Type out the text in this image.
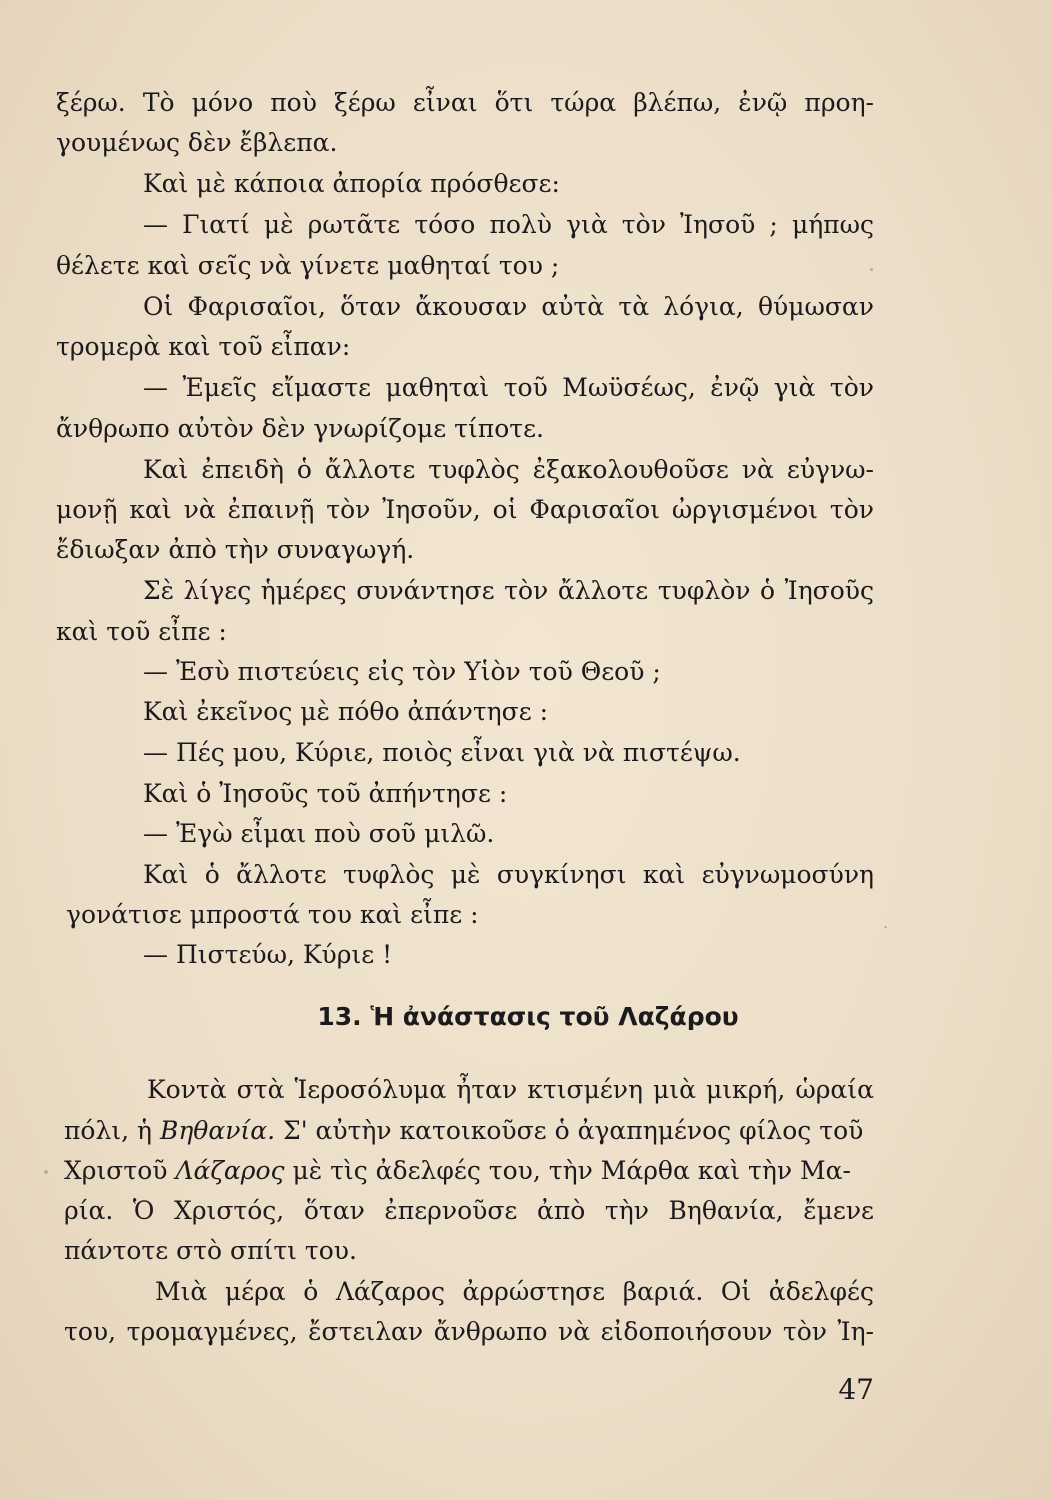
ξέρω. Τὸ μόνο ποὺ ξέρω εἶναι ὅτι τώρα βλέπω, ἐνῷ προη-
γουμένως δὲν ἔβλεπα.
Καὶ μὲ κάποια ἀπορία πρόσθεσε:
— Γιατί μὲ ρωτᾶτε τόσο πολὺ γιὰ τὸν Ἰησοῦ ; μήπως
θέλετε καὶ σεῖς νὰ γίνετε μαθηταί του ;
Οἱ Φαρισαῖοι, ὅταν ἄκουσαν αὐτὰ τὰ λόγια, θύμωσαν
τρομερὰ καὶ τοῦ εἶπαν:
— Ἐμεῖς εἴμαστε μαθηταὶ τοῦ Μωϋσέως, ἐνῷ γιὰ τὸν
ἄνθρωπο αὐτὸν δὲν γνωρίζομε τίποτε.
Καὶ ἐπειδὴ ὁ ἄλλοτε τυφλὸς ἐξακολουθοῦσε νὰ εὐγνω-
μονῇ καὶ νὰ ἐπαινῇ τὸν Ἰησοῦν, οἱ Φαρισαῖοι ὠργισμένοι τὸν
ἔδιωξαν ἀπὸ τὴν συναγωγή.
Σὲ λίγες ἡμέρες συνάντησε τὸν ἄλλοτε τυφλὸν ὁ Ἰησοῦς
καὶ τοῦ εἶπε :
— Ἐσὺ πιστεύεις εἰς τὸν Υἱὸν τοῦ Θεοῦ ;
Καὶ ἐκεῖνος μὲ πόθο ἀπάντησε :
— Πές μου, Κύριε, ποιὸς εἶναι γιὰ νὰ πιστέψω.
Καὶ ὁ Ἰησοῦς τοῦ ἀπήντησε :
— Ἐγὼ εἶμαι ποὺ σοῦ μιλῶ.
Καὶ ὁ ἄλλοτε τυφλὸς μὲ συγκίνησι καὶ εὐγνωμοσύνη
γονάτισε μπροστά του καὶ εἶπε :
— Πιστεύω, Κύριε !
13. Ἡ ἀνάστασις τοῦ Λαζάρου
Κοντὰ στὰ Ἱεροσόλυμα ἦταν κτισμένη μιὰ μικρή, ὡραία
πόλι, ἡ Βηθανία. Σ' αὐτὴν κατοικοῦσε ὁ ἀγαπημένος φίλος τοῦ
Χριστοῦ Λάζαρος μὲ τὶς ἀδελφές του, τὴν Μάρθα καὶ τὴν Μα-
ρία. Ὁ Χριστός, ὅταν ἐπερνοῦσε ἀπὸ τὴν Βηθανία, ἔμενε
πάντοτε στὸ σπίτι του.
Μιὰ μέρα ὁ Λάζαρος ἀρρώστησε βαριά. Οἱ ἀδελφές
του, τρομαγμένες, ἔστειλαν ἄνθρωπο νὰ εἰδοποιήσουν τὸν Ἰη-
47
